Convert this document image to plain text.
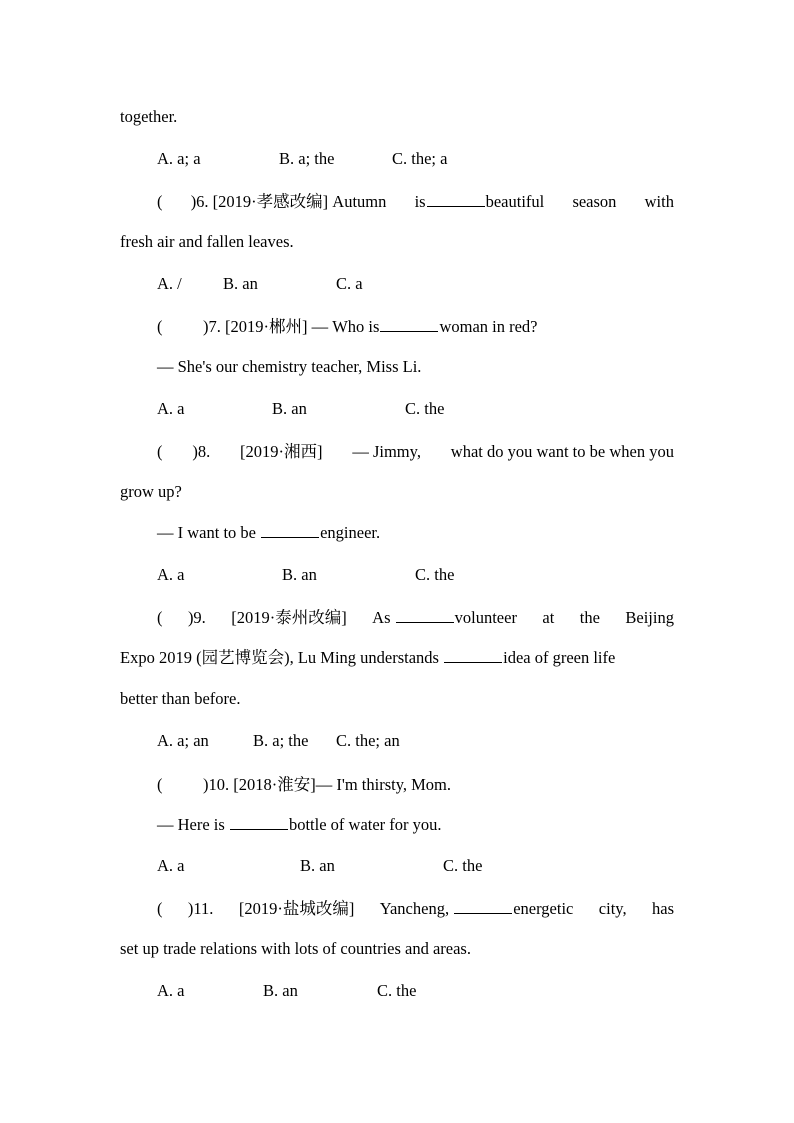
together.
A. a; a	B. a; the	C. the; a
( )6. [2019·孝感改编] Autumn is	beautiful season with
fresh air and fallen leaves.
A. /	B. an	C. a
( )7. [2019·郴州] — Who is	woman in red?
— She's our chemistry teacher, Miss Li.
A. a	B. an	C. the
( )8. [2019·湘西] — Jimmy, what do you want to be when you
grow up?
— I want to be	engineer.
A. a	B. an	C. the
( )9. [2019·泰州改编] As	volunteer at the Beijing
Expo 2019 (园艺博览会), Lu Ming understands	idea of green life
better than before.
A. a; an	B. a; the C. the; an
( )10. [2018·淮安]— I'm thirsty, Mom.
— Here is	bottle of water for you.
A. a	B. an	C. the
( )11. [2019·盐城改编] Yancheng,	energetic city, has
set up trade relations with lots of countries and areas.
A. a	B. an	C. the
